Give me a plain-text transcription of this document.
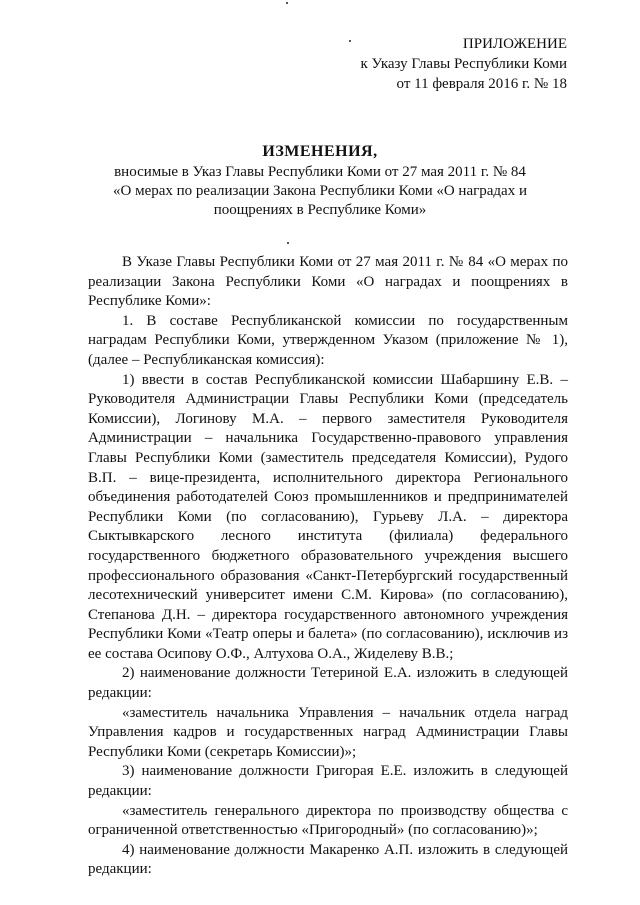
ПРИЛОЖЕНИЕ
к Указу Главы Республики Коми
от 11 февраля 2016 г. № 18
ИЗМЕНЕНИЯ,
вносимые в Указ Главы Республики Коми от 27 мая 2011 г. № 84
«О мерах по реализации Закона Республики Коми «О наградах и
поощрениях в Республике Коми»

В Указе Главы Республики Коми от 27 мая 2011 г. № 84 «О мерах по реализации Закона Республики Коми «О наградах и поощрениях в Республике Коми»:

1. В составе Республиканской комиссии по государственным наградам Республики Коми, утвержденном Указом (приложение № 1), (далее – Республиканская комиссия):

1) ввести в состав Республиканской комиссии Шабаршину Е.В. – Руководителя Администрации Главы Республики Коми (председатель Комиссии), Логинову М.А. – первого заместителя Руководителя Администрации – начальника Государственно-правового управления Главы Республики Коми (заместитель председателя Комиссии), Рудого В.П. – вице-президента, исполнительного директора Регионального объединения работодателей Союз промышленников и предпринимателей Республики Коми (по согласованию), Гурьеву Л.А. – директора Сыктывкарского лесного института (филиала) федерального государственного бюджетного образовательного учреждения высшего профессионального образования «Санкт-Петербургский государственный лесотехнический университет имени С.М. Кирова» (по согласованию), Степанова Д.Н. – директора государственного автономного учреждения Республики Коми «Театр оперы и балета» (по согласованию), исключив из ее состава Осипову О.Ф., Алтухова О.А., Жиделеву В.В.;

2) наименование должности Тетериной Е.А. изложить в следующей редакции:

«заместитель начальника Управления – начальник отдела наград Управления кадров и государственных наград Администрации Главы Республики Коми (секретарь Комиссии)»;

3) наименование должности Григорая Е.Е. изложить в следующей редакции:

«заместитель генерального директора по производству общества с ограниченной ответственностью «Пригородный» (по согласованию)»;

4) наименование должности Макаренко А.П. изложить в следующей редакции:
